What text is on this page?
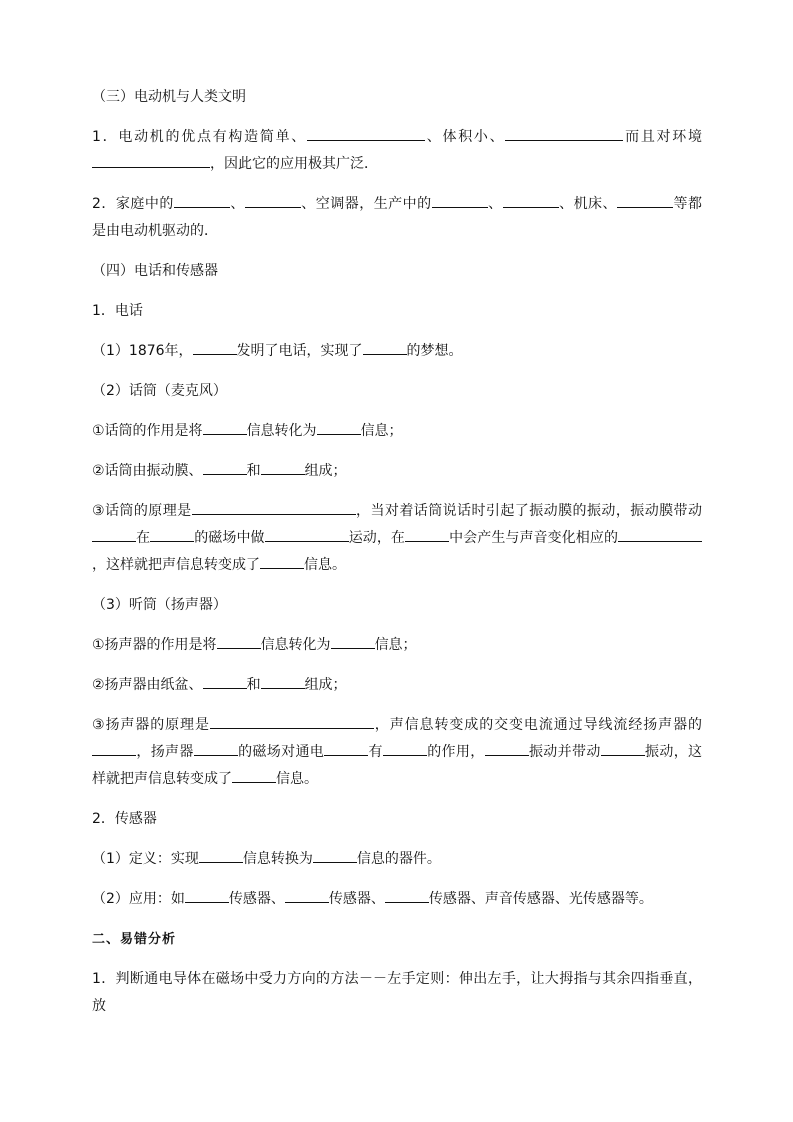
（三）电动机与人类文明
1．电动机的优点有构造简单、	、体积小、	而且对环境，因此它的应用极其广泛．
2．家庭中的	、	、空调器，生产中的	、	、机床、	等都是由电动机驱动的．
（四）电话和传感器
1．电话
（1）1876年，	发明了电话，实现了	的梦想。
（2）话筒（麦克风）
①话筒的作用是将	信息转化为	信息；
②话筒由振动膜、	和	组成；
③话筒的原理是	，当对着话筒说话时引起了振动膜的振动，振动膜带动在	的磁场中做	运动，在	中会产生与声音变化相应的，这样就把声信息转变成了	信息。
（3）听筒（扬声器）
①扬声器的作用是将	信息转化为	信息；
②扬声器由纸盆、	和	组成；
③扬声器的原理是	，声信息转变成的交变电流通过导线流经扬声器的，扬声器	的磁场对通电	有	的作用，	振动并带动	振动，这样就把声信息转变成了	信息。
2．传感器
（1）定义：实现	信息转换为	信息的器件。
（2）应用：如	传感器、	传感器、	传感器、声音传感器、光传感器等。
二、易错分析
1．判断通电导体在磁场中受力方向的方法－－左手定则：伸出左手，让大拇指与其余四指垂直，放
